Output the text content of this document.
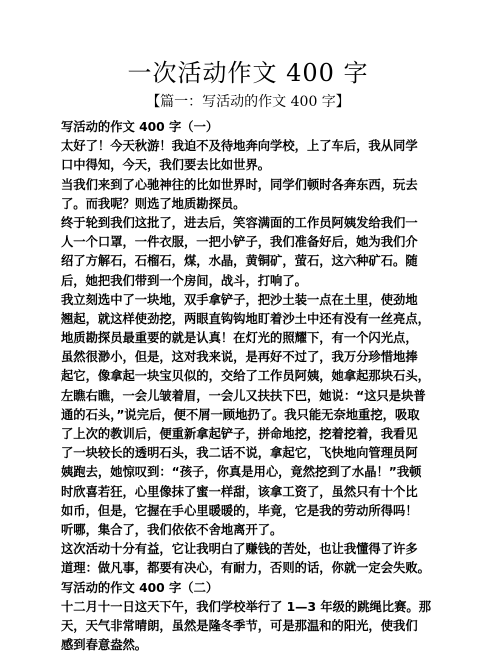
一次活动作文 400 字
【篇一：写活动的作文 400 字】
写活动的作文 400 字（一）
太好了！今天秋游！我迫不及待地奔向学校，上了车后，我从同学
口中得知，今天，我们要去比如世界。
当我们来到了心驰神往的比如世界时，同学们顿时各奔东西，玩去
了。而我呢？则选了地质勘探员。
终于轮到我们这批了，进去后，笑容满面的工作员阿姨发给我们一
人一个口罩，一件衣服，一把小铲子，我们准备好后，她为我们介
绍了方解石，石榴石，煤，水晶，黄铜矿，萤石，这六种矿石。随
后，她把我们带到一个房间，战斗，打响了。
我立刻选中了一块地，双手拿铲子，把沙土装一点在土里，使劲地
翘起，就这样使劲挖，两眼直钩钩地盯着沙土中还有没有一丝亮点，
地质勘探员最重要的就是认真！在灯光的照耀下，有一个闪光点，
虽然很渺小，但是，这对我来说，是再好不过了，我万分珍惜地捧
起它，像拿起一块宝贝似的，交给了工作员阿姨，她拿起那块石头，
左瞧右瞧，一会儿皱着眉，一会儿又扶扶下巴，她说：“这只是块普
通的石头，”说完后，便不屑一顾地扔了。我只能无奈地重挖，吸取
了上次的教训后，便重新拿起铲子，拼命地挖，挖着挖着，我看见
了一块较长的透明石头，我二话不说，拿起它，飞快地向管理员阿
姨跑去，她惊叹到：“孩子，你真是用心，竟然挖到了水晶！”我顿
时欣喜若狂，心里像抹了蜜一样甜，该拿工资了，虽然只有十个比
如币，但是，它握在手心里暖暖的，毕竟，它是我的劳动所得吗！
听哪，集合了，我们依依不舍地离开了。
这次活动十分有益，它让我明白了赚钱的苦处，也让我懂得了许多
道理：做凡事，都要有决心，有耐力，否则的话，你就一定会失败。
写活动的作文 400 字（二）
十二月十一日这天下午，我们学校举行了 1—3 年级的跳绳比赛。那
天，天气非常晴朗，虽然是隆冬季节，可是那温和的阳光，使我们
感到春意盎然。
